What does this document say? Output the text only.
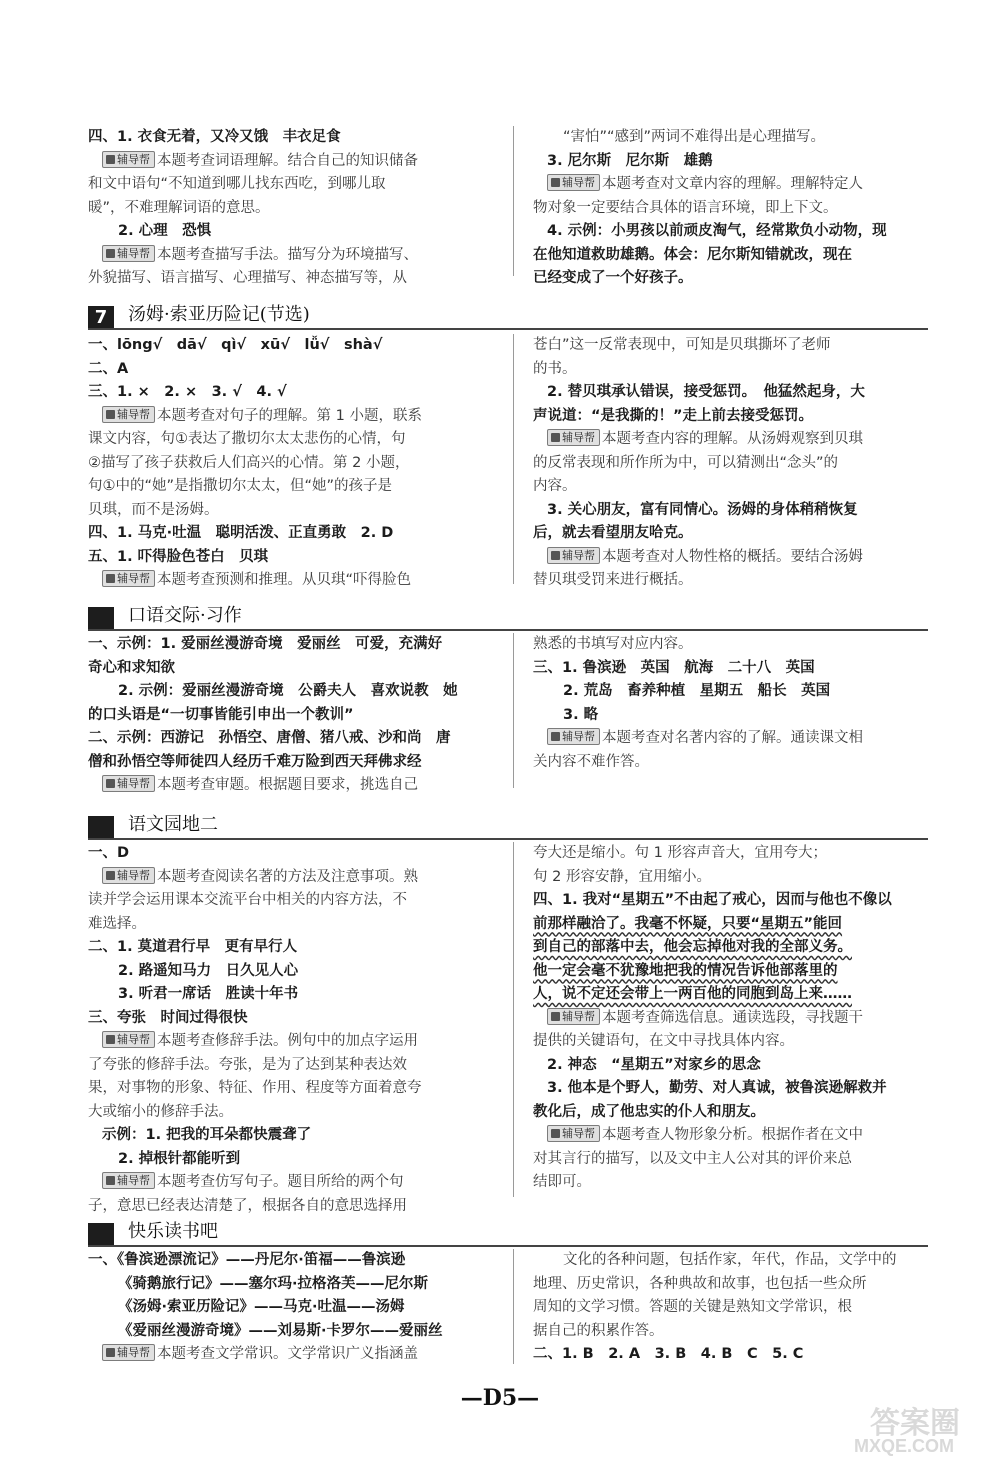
四、1. 衣食无着，又冷又饿　丰衣足食
辅导帮 本题考查词语理解。结合自己的知识储备
和文中语句“不知道到哪儿找东西吃，到哪儿取
暖”，不难理解词语的意思。
2. 心理　恐惧
辅导帮 本题考查描写手法。描写分为环境描写、
外貌描写、语言描写、心理描写、神态描写等，从
“害怕”“感到”两词不难得出是心理描写。
3. 尼尔斯　尼尔斯　雄鹅
辅导帮 本题考查对文章内容的理解。理解特定人
物对象一定要结合具体的语言环境，即上下文。
4. 示例：小男孩以前顽皮淘气，经常欺负小动物，现
在他知道救助雄鹅。体会：尼尔斯知错就改，现在
已经变成了一个好孩子。
7	汤姆·索亚历险记(节选)
一、lōng√　dā√　qì√　xū√　lǚ√　shà√
二、A
三、1. ×　2. ×　3. √　4. √
辅导帮 本题考查对句子的理解。第 1 小题，联系
课文内容，句①表达了撒切尔太太悲伤的心情，句
②描写了孩子获救后人们高兴的心情。第 2 小题，
句①中的“她”是指撒切尔太太，但“她”的孩子是
贝琪，而不是汤姆。
四、1. 马克·吐温　聪明活泼、正直勇敢　2. D
五、1. 吓得脸色苍白　贝琪
辅导帮 本题考查预测和推理。从贝琪“吓得脸色
苍白”这一反常表现中，可知是贝琪撕坏了老师
的书。
2. 替贝琪承认错误，接受惩罚。　他猛然起身，大
声说道：“是我撕的！”走上前去接受惩罚。
辅导帮 本题考查内容的理解。从汤姆观察到贝琪
的反常表现和所作所为中，可以猜测出“念头”的
内容。
3. 关心朋友，富有同情心。汤姆的身体稍稍恢复
后，就去看望朋友哈克。
辅导帮 本题考查对人物性格的概括。要结合汤姆
替贝琪受罚来进行概括。
口语交际·习作
一、示例：1. 爱丽丝漫游奇境　爱丽丝　可爱，充满好
奇心和求知欲
2. 示例：爱丽丝漫游奇境　公爵夫人　喜欢说教　她
的口头语是“一切事皆能引申出一个教训”
二、示例：西游记　孙悟空、唐僧、猪八戒、沙和尚　唐
僧和孙悟空等师徒四人经历千难万险到西天拜佛求经
辅导帮 本题考查审题。根据题目要求，挑选自己
熟悉的书填写对应内容。
三、1. 鲁滨逊　英国　航海　二十八　英国
2. 荒岛　畜养种植　星期五　船长　英国
3. 略
辅导帮 本题考查对名著内容的了解。通读课文相
关内容不难作答。
语文园地二
一、D
辅导帮 本题考查阅读名著的方法及注意事项。熟
读并学会运用课本交流平台中相关的内容方法，不
难选择。
二、1. 莫道君行早　更有早行人
2. 路遥知马力　日久见人心
3. 听君一席话　胜读十年书
三、夸张　时间过得很快
辅导帮 本题考查修辞手法。例句中的加点字运用
了夸张的修辞手法。夸张，是为了达到某种表达效
果，对事物的形象、特征、作用、程度等方面着意夸
大或缩小的修辞手法。
示例：1. 把我的耳朵都快震聋了
2. 掉根针都能听到
辅导帮 本题考查仿写句子。题目所给的两个句
子，意思已经表达清楚了，根据各自的意思选择用
夸大还是缩小。句 1 形容声音大，宜用夸大；
句 2 形容安静，宜用缩小。
四、1. 我对“星期五”不由起了戒心，因而与他也不像以
前那样融洽了。我毫不怀疑，只要“星期五”能回
到自己的部落中去，他会忘掉他对我的全部义务。
他一定会毫不犹豫地把我的情况告诉他部落里的
人，说不定还会带上一两百他的同胞到岛上来……
辅导帮 本题考查筛选信息。通读选段，寻找题干
提供的关键语句，在文中寻找具体内容。
2. 神态　“星期五”对家乡的思念
3. 他本是个野人，勤劳、对人真诚，被鲁滨逊解救并
教化后，成了他忠实的仆人和朋友。
辅导帮 本题考查人物形象分析。根据作者在文中
对其言行的描写，以及文中主人公对其的评价来总
结即可。
快乐读书吧
一、《鲁滨逊漂流记》——丹尼尔·笛福——鲁滨逊
《骑鹅旅行记》——塞尔玛·拉格洛芙——尼尔斯
《汤姆·索亚历险记》——马克·吐温——汤姆
《爱丽丝漫游奇境》——刘易斯·卡罗尔——爱丽丝
辅导帮 本题考查文学常识。文学常识广义指涵盖
文化的各种问题，包括作家，年代，作品，文学中的
地理、历史常识，各种典故和故事，也包括一些众所
周知的文学习惯。答题的关键是熟知文学常识，根
据自己的积累作答。
二、1. B　2. A　3. B　4. B　C　5. C
—D5—
答案圈
MXQE.COM
